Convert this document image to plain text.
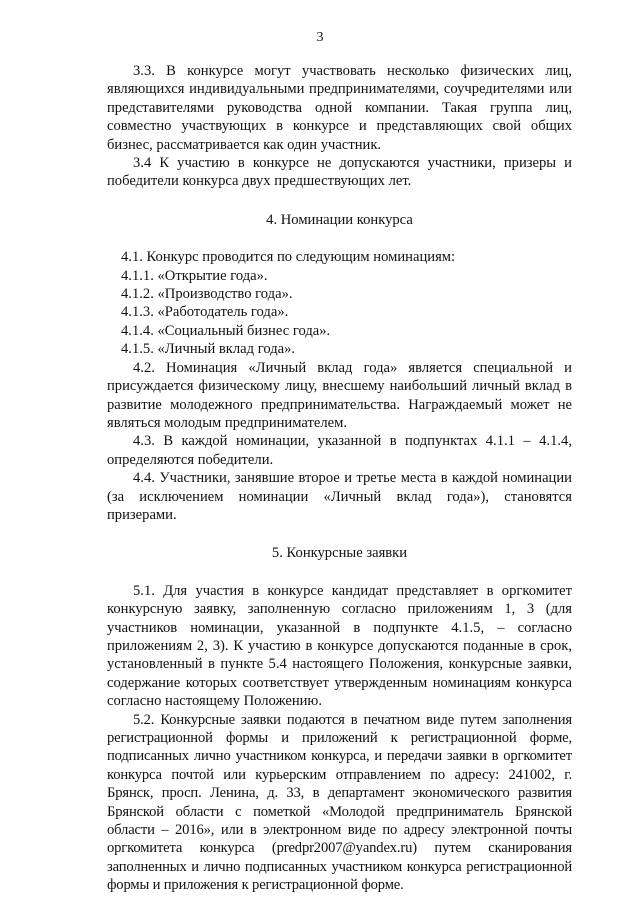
3

3.3. В конкурсе могут участвовать несколько физических лиц, являющихся индивидуальными предпринимателями, соучредителями или представителями руководства одной компании. Такая группа лиц, совместно участвующих в конкурсе и представляющих свой общих бизнес, рассматривается как один участник.

3.4 К участию в конкурсе не допускаются участники, призеры и победители конкурса двух предшествующих лет.

4. Номинации конкурса

4.1. Конкурс проводится по следующим номинациям:

4.1.1. «Открытие года».

4.1.2. «Производство года».

4.1.3. «Работодатель года».

4.1.4. «Социальный бизнес года».

4.1.5. «Личный вклад года».

4.2. Номинация «Личный вклад года» является специальной и присуждается физическому лицу, внесшему наибольший личный вклад в развитие молодежного предпринимательства. Награждаемый может не являться молодым предпринимателем.

4.3. В каждой номинации, указанной в подпунктах 4.1.1 – 4.1.4, определяются победители.

4.4. Участники, занявшие второе и третье места в каждой номинации (за исключением номинации «Личный вклад года»), становятся призерами.

5. Конкурсные заявки

5.1. Для участия в конкурсе кандидат представляет в оргкомитет конкурсную заявку, заполненную согласно приложениям 1, 3 (для участников номинации, указанной в подпункте 4.1.5, – согласно приложениям 2, 3). К участию в конкурсе допускаются поданные в срок, установленный в пункте 5.4 настоящего Положения, конкурсные заявки, содержание которых соответствует утвержденным номинациям конкурса согласно настоящему Положению.

5.2. Конкурсные заявки подаются в печатном виде путем заполнения регистрационной формы и приложений к регистрационной форме, подписанных лично участником конкурса, и передачи заявки в оргкомитет конкурса почтой или курьерским отправлением по адресу: 241002, г. Брянск, просп. Ленина, д. 33, в департамент экономического развития Брянской области с пометкой «Молодой предприниматель Брянской области – 2016», или в электронном виде по адресу электронной почты оргкомитета конкурса (predpr2007@yandex.ru) путем сканирования заполненных и лично подписанных участником конкурса регистрационной формы и приложения к регистрационной форме.
